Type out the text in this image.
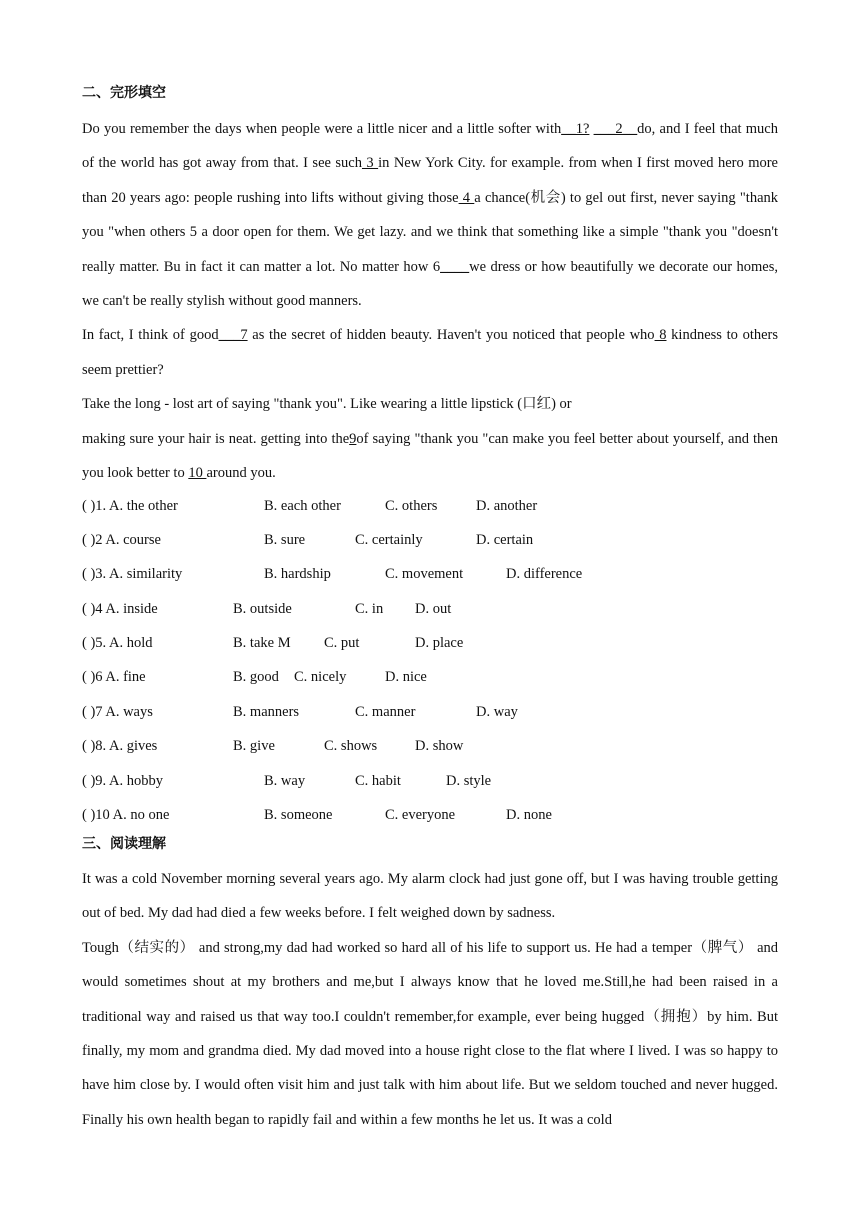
二、完形填空

Do you remember the days when people were a little nicer and a little softer with__1? ___2__do, and I feel that much of the world has got away from that. I see such 3 in New York City. for example. from when I first moved hero more than 20 years ago: people rushing into lifts without giving those 4 a chance(机会) to gel out first, never saying "thank you "when others 5 a door open for them. We get lazy. and we think that something like a simple "thank you "doesn't really matter. Bu in fact it can matter a lot. No matter how 6____we dress or how beautifully we decorate our homes, we can't be really stylish without good manners.

In fact, I think of good___7 as the secret of hidden beauty. Haven't you noticed that people who 8 kindness to others seem prettier?

Take the long - lost art of saying "thank you". Like wearing a little lipstick (口红) or

making sure your hair is neat. getting into the9of saying "thank you "can make you feel better about yourself, and then you look better to 10 around you.

( )1. A. the other	B. each other	C. others	D. another
( )2 A. course	B. sure	C. certainly	D. certain
( )3. A. similarity	B. hardship	C. movement	D. difference
( )4 A. inside	B. outside	C. in D. out
( )5. A. hold	B. take M C. put	D. place
( )6 A. fine	B. good C. nicely	D. nice
( )7 A. ways	B. manners	C. manner	D. way
( )8. A. gives	B. give	C. shows	D. show
( )9. A. hobby	B. way	C. habit	D. style
( )10 A. no one	B. someone	C. everyone	D. none
三、阅读理解

It was a cold November morning several years ago. My alarm clock had just gone off, but I was having trouble getting out of bed. My dad had died a few weeks before. I felt weighed down by sadness.

Tough（结实的） and strong,my dad had worked so hard all of his life to support us. He had a temper（脾气） and would sometimes shout at my brothers and me,but I always know that he loved me.Still,he had been raised in a traditional way and raised us that way too.I couldn't remember,for example, ever being hugged（拥抱）by him. But finally, my mom and grandma died. My dad moved into a house right close to the flat where I lived. I was so happy to have him close by. I would often visit him and just talk with him about life. But we seldom touched and never hugged. Finally his own health began to rapidly fail and within a few months he let us. It was a cold
